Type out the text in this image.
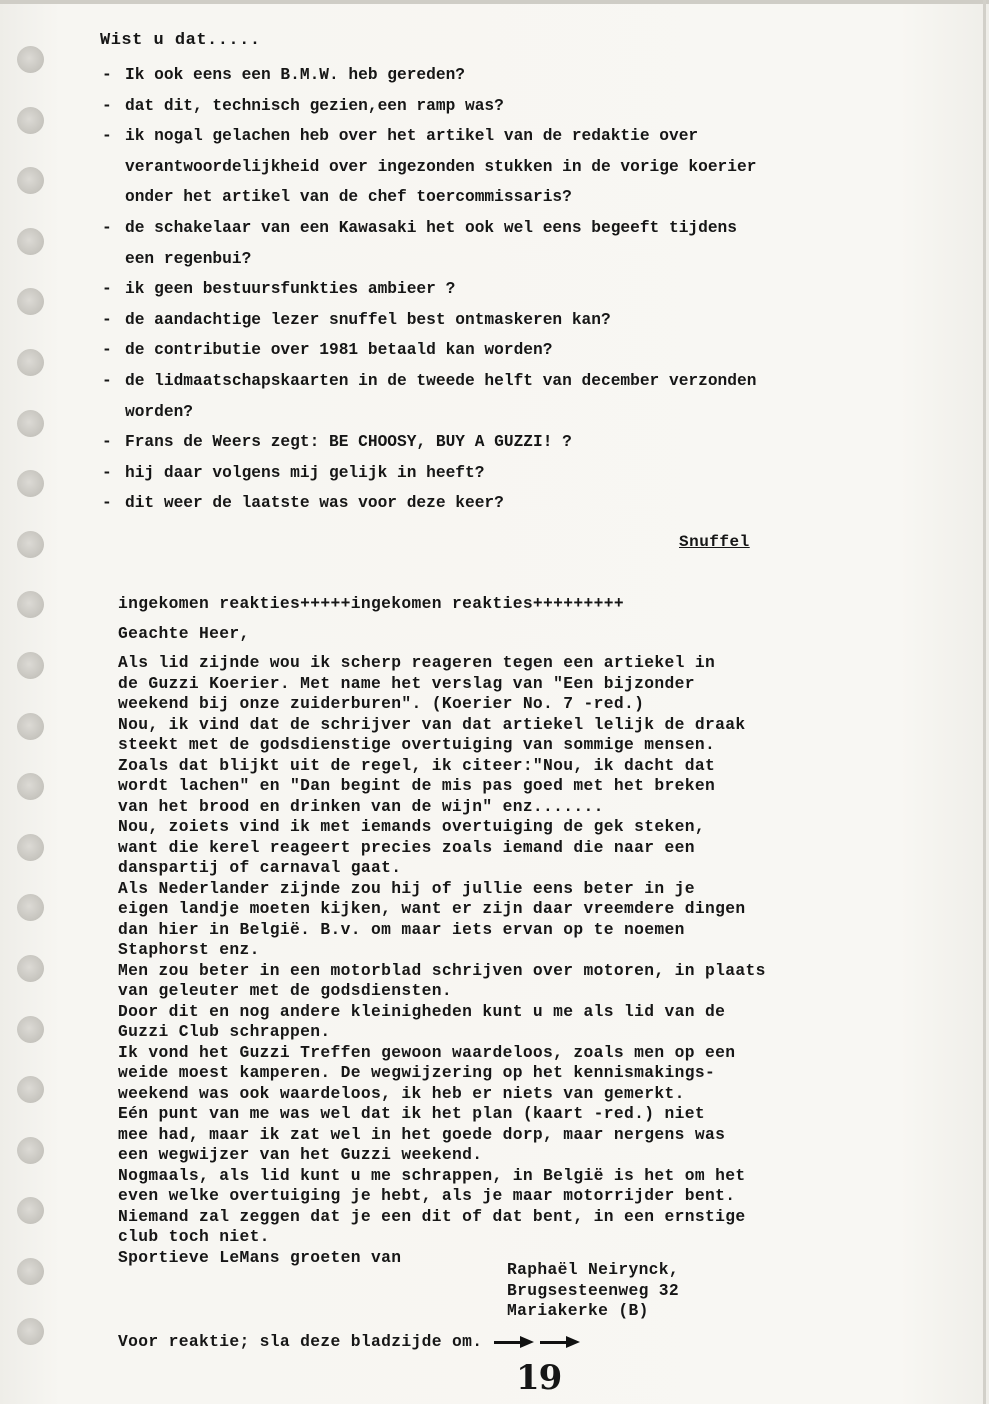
Wist u dat.....
- Ik ook eens een B.M.W. heb gereden?
- dat dit, technisch gezien,een ramp was?
- ik nogal gelachen heb over het artikel van de redaktie over
verantwoordelijkheid over ingezonden stukken in de vorige koerier
onder het artikel van de chef toercommissaris?
- de schakelaar van een Kawasaki het ook wel eens begeeft tijdens
een regenbui?
- ik geen bestuursfunkties ambieer ?
- de aandachtige lezer snuffel best ontmaskeren kan?
- de contributie over 1981 betaald kan worden?
- de lidmaatschapskaarten in de tweede helft van december verzonden
worden?
- Frans de Weers zegt: BE CHOOSY, BUY A GUZZI! ?
- hij daar volgens mij gelijk in heeft?
- dit weer de laatste was voor deze keer?
Snuffel
ingekomen reakties+++++ingekomen reakties+++++++++
Geachte Heer,
Als lid zijnde wou ik scherp reageren tegen een artiekel in
de Guzzi Koerier. Met name het verslag van "Een bijzonder
weekend bij onze zuiderburen". (Koerier No. 7 -red.)
Nou, ik vind dat de schrijver van dat artiekel lelijk de draak
steekt met de godsdienstige overtuiging van sommige mensen.
Zoals dat blijkt uit de regel, ik citeer:"Nou, ik dacht dat
wordt lachen" en "Dan begint de mis pas goed met het breken
van het brood en drinken van de wijn" enz.......
Nou, zoiets vind ik met iemands overtuiging de gek steken,
want die kerel reageert precies zoals iemand die naar een
danspartij of carnaval gaat.
Als Nederlander zijnde zou hij of jullie eens beter in je
eigen landje moeten kijken, want er zijn daar vreemdere dingen
dan hier in België. B.v. om maar iets ervan op te noemen
Staphorst enz.
Men zou beter in een motorblad schrijven over motoren, in plaats
van geleuter met de godsdiensten.
Door dit en nog andere kleinigheden kunt u me als lid van de
Guzzi Club schrappen.
Ik vond het Guzzi Treffen gewoon waardeloos, zoals men op een
weide moest kamperen. De wegwijzering op het kennismakings-
weekend was ook waardeloos, ik heb er niets van gemerkt.
Eén punt van me was wel dat ik het plan (kaart -red.) niet
mee had, maar ik zat wel in het goede dorp, maar nergens was
een wegwijzer van het Guzzi weekend.
Nogmaals, als lid kunt u me schrappen, in België is het om het
even welke overtuiging je hebt, als je maar motorrijder bent.
Niemand zal zeggen dat je een dit of dat bent, in een ernstige
club toch niet.
Sportieve LeMans groeten van
Raphaël Neirynck,
Brugsesteenweg 32
Mariakerke (B)
Voor reaktie; sla deze bladzijde om.
19
